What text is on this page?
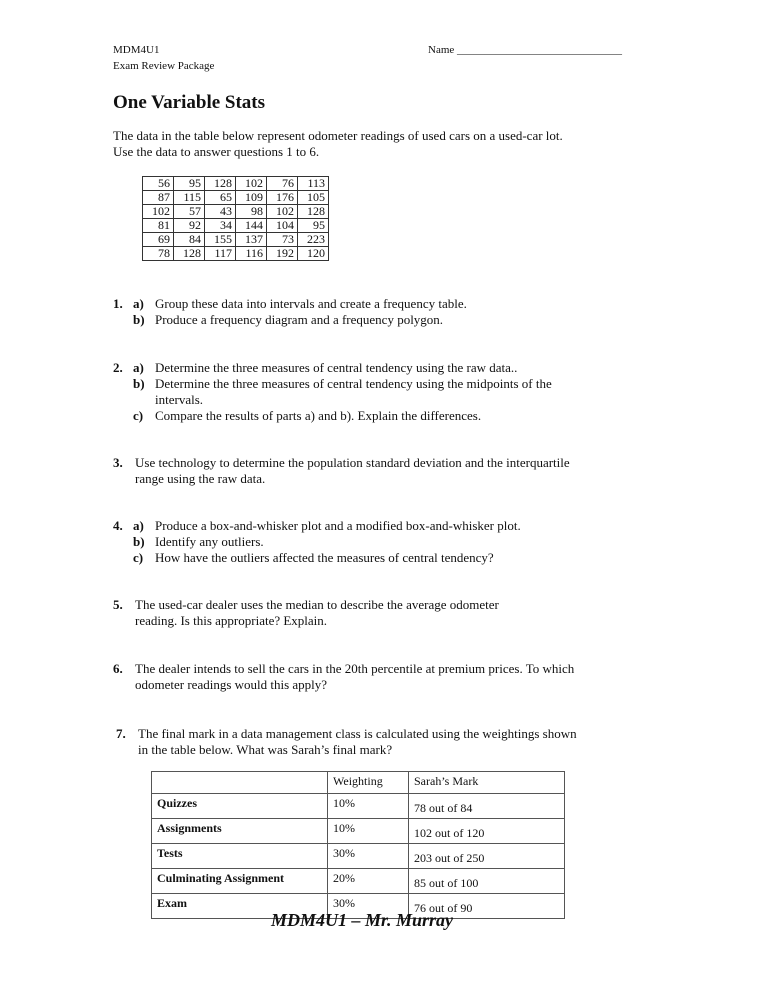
MDM4U1
Exam Review Package
Name ______________________________
One Variable Stats
The data in the table below represent odometer readings of used cars on a used-car lot. Use the data to answer questions 1 to 6.
56	95	128	102	76	113
87	115	65	109	176	105
102	57	43	98	102	128
81	92	34	144	104	95
69	84	155	137	73	223
78	128	117	116	192	120
1. a) Group these data into intervals and create a frequency table.
b) Produce a frequency diagram and a frequency polygon.
2. a) Determine the three measures of central tendency using the raw data..
b) Determine the three measures of central tendency using the midpoints of the intervals.
c) Compare the results of parts a) and b). Explain the differences.
3. Use technology to determine the population standard deviation and the interquartile range using the raw data.
4. a) Produce a box-and-whisker plot and a modified box-and-whisker plot.
b) Identify any outliers.
c) How have the outliers affected the measures of central tendency?
5. The used-car dealer uses the median to describe the average odometer reading. Is this appropriate? Explain.
6. The dealer intends to sell the cars in the 20th percentile at premium prices. To which odometer readings would this apply?
7. The final mark in a data management class is calculated using the weightings shown in the table below. What was Sarah’s final mark?
	Weighting	Sarah’s Mark
Quizzes	10%	78 out of 84
Assignments	10%	102 out of 120
Tests	30%	203 out of 250
Culminating Assignment	20%	85 out of 100
Exam	30%	76 out of 90
MDM4U1 – Mr. Murray
